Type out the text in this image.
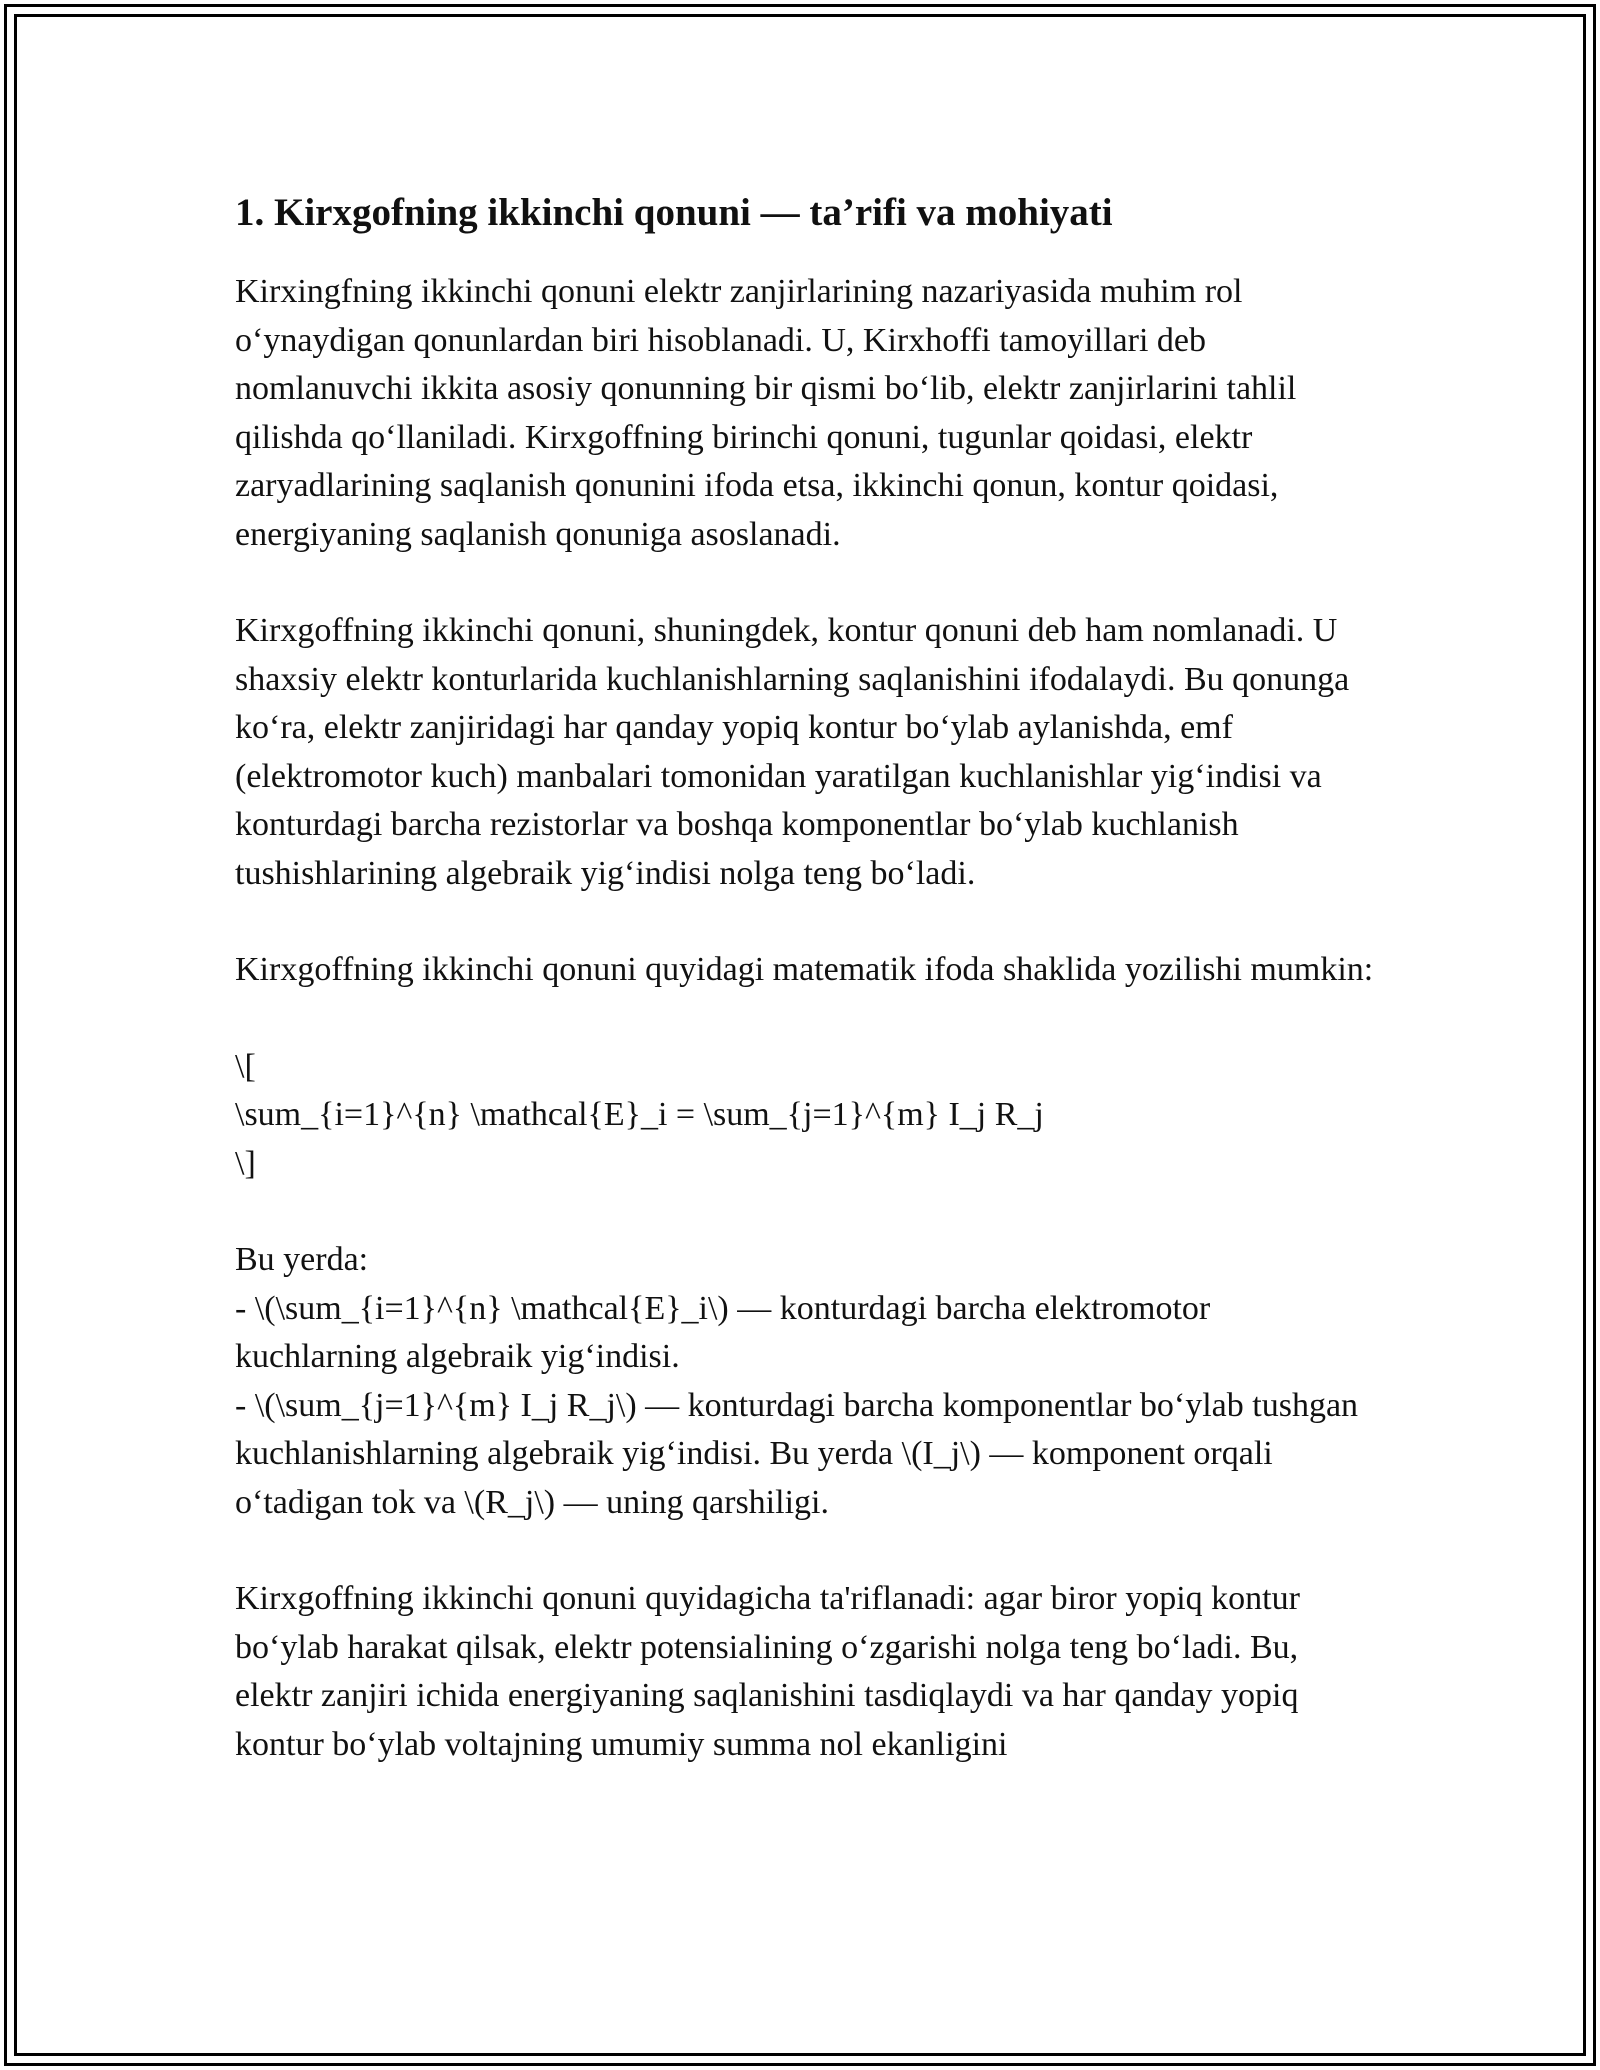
1. Kirxgofning ikkinchi qonuni — ta’rifi va mohiyati

Kirxingfning ikkinchi qonuni elektr zanjirlarining nazariyasida muhim rol o‘ynaydigan qonunlardan biri hisoblanadi. U, Kirxhoffi tamoyillari deb nomlanuvchi ikkita asosiy qonunning bir qismi bo‘lib, elektr zanjirlarini tahlil qilishda qo‘llaniladi. Kirxgoffning birinchi qonuni, tugunlar qoidasi, elektr zaryadlarining saqlanish qonunini ifoda etsa, ikkinchi qonun, kontur qoidasi, energiyaning saqlanish qonuniga asoslanadi.

Kirxgoffning ikkinchi qonuni, shuningdek, kontur qonuni deb ham nomlanadi. U shaxsiy elektr konturlarida kuchlanishlarning saqlanishini ifodalaydi. Bu qonunga ko‘ra, elektr zanjiridagi har qanday yopiq kontur bo‘ylab aylanishda, emf (elektromotor kuch) manbalari tomonidan yaratilgan kuchlanishlar yig‘indisi va konturdagi barcha rezistorlar va boshqa komponentlar bo‘ylab kuchlanish tushishlarining algebraik yig‘indisi nolga teng bo‘ladi.

Kirxgoffning ikkinchi qonuni quyidagi matematik ifoda shaklida yozilishi mumkin:

\[
\sum_{i=1}^{n} \mathcal{E}_i = \sum_{j=1}^{m} I_j R_j
\]

Bu yerda:
- \(\sum_{i=1}^{n} \mathcal{E}_i\) — konturdagi barcha elektromotor kuchlarning algebraik yig‘indisi.
- \(\sum_{j=1}^{m} I_j R_j\) — konturdagi barcha komponentlar bo‘ylab tushgan kuchlanishlarning algebraik yig‘indisi. Bu yerda \(I_j\) — komponent orqali o‘tadigan tok va \(R_j\) — uning qarshiligi.

Kirxgoffning ikkinchi qonuni quyidagicha ta'riflanadi: agar biror yopiq kontur bo‘ylab harakat qilsak, elektr potensialining o‘zgarishi nolga teng bo‘ladi. Bu, elektr zanjiri ichida energiyaning saqlanishini tasdiqlaydi va har qanday yopiq kontur bo‘ylab voltajning umumiy summa nol ekanligini
